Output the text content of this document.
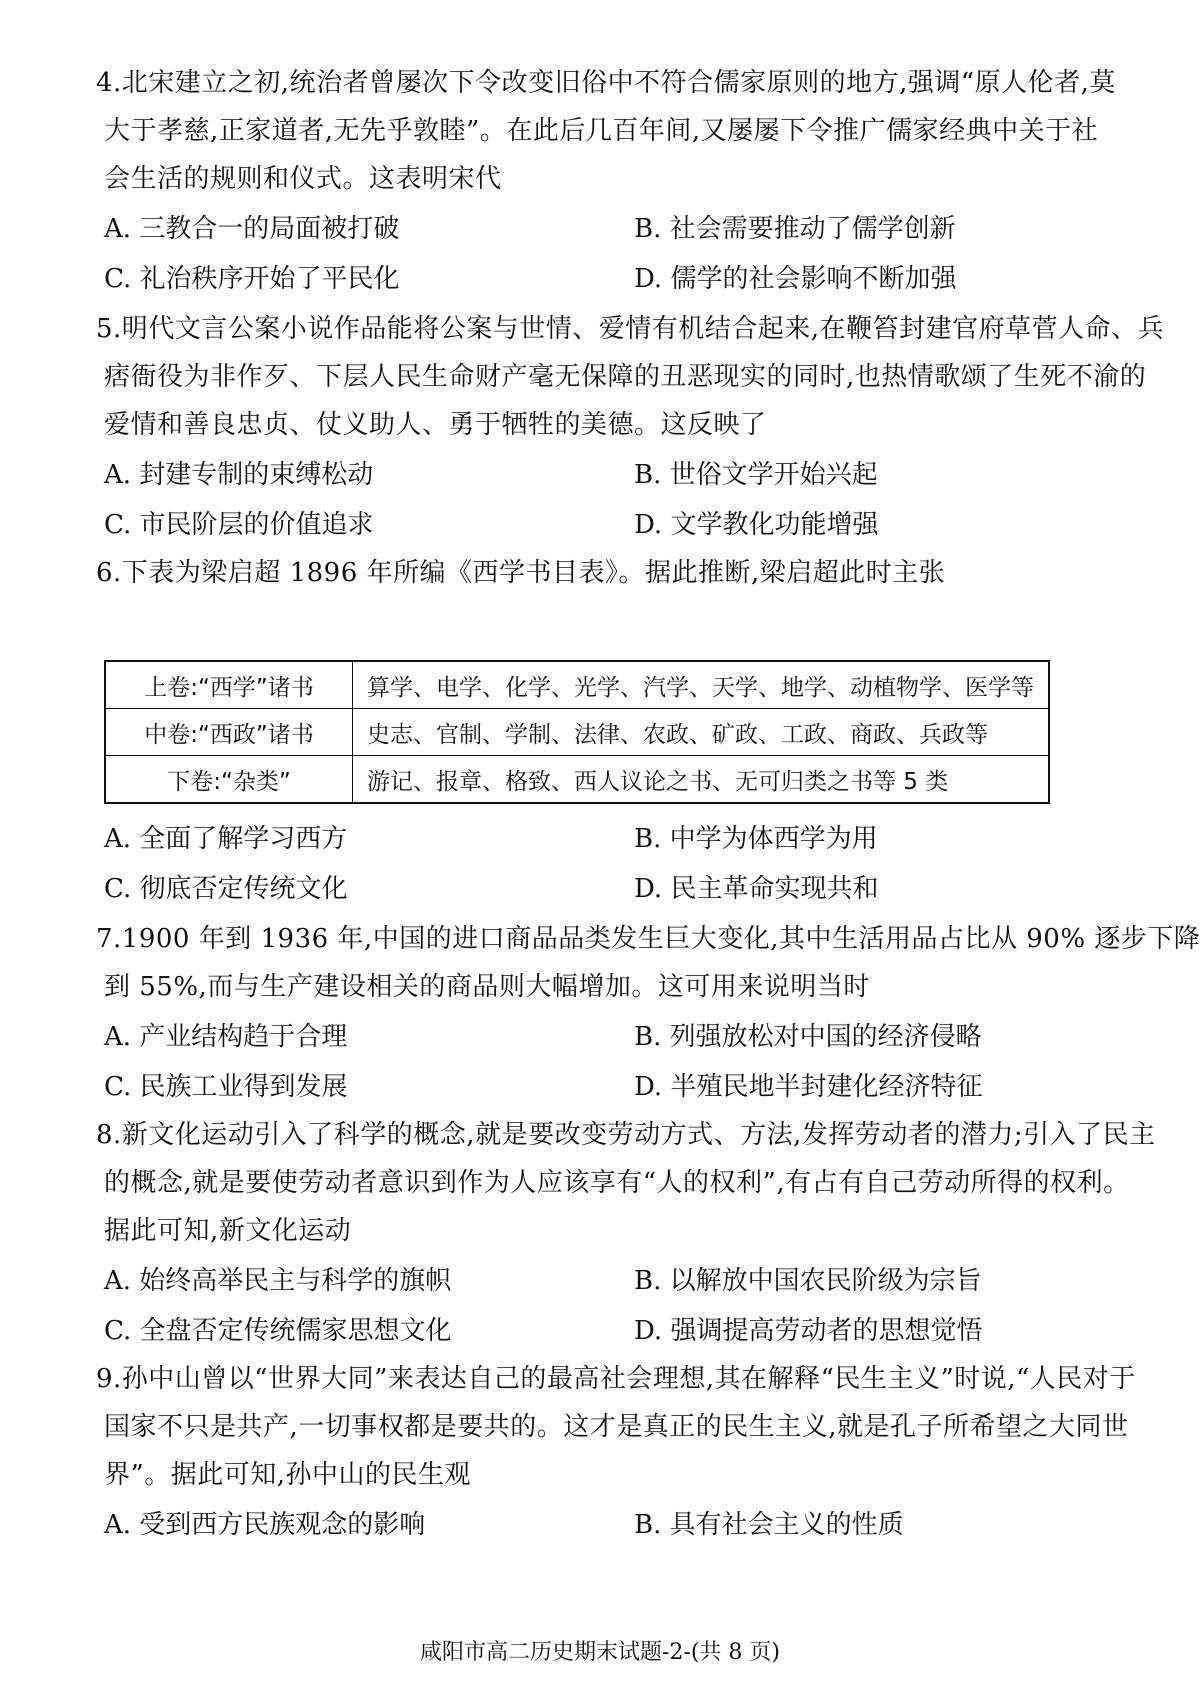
4.北宋建立之初,统治者曾屡次下令改变旧俗中不符合儒家原则的地方,强调“原人伦者,莫
大于孝慈,正家道者,无先乎敦睦”。在此后几百年间,又屡屡下令推广儒家经典中关于社
会生活的规则和仪式。这表明宋代
A. 三教合一的局面被打破	B. 社会需要推动了儒学创新
C. 礼治秩序开始了平民化	D. 儒学的社会影响不断加强
5.明代文言公案小说作品能将公案与世情、爱情有机结合起来,在鞭笞封建官府草菅人命、兵
痞衙役为非作歹、下层人民生命财产毫无保障的丑恶现实的同时,也热情歌颂了生死不渝的
爱情和善良忠贞、仗义助人、勇于牺牲的美德。这反映了
A. 封建专制的束缚松动	B. 世俗文学开始兴起
C. 市民阶层的价值追求	D. 文学教化功能增强
6.下表为梁启超 1896 年所编《西学书目表》。据此推断,梁启超此时主张
上卷:“西学”诸书	算学、电学、化学、光学、汽学、天学、地学、动植物学、医学等
中卷:“西政”诸书	史志、官制、学制、法律、农政、矿政、工政、商政、兵政等
下卷:“杂类”	游记、报章、格致、西人议论之书、无可归类之书等 5 类
A. 全面了解学习西方	B. 中学为体西学为用
C. 彻底否定传统文化	D. 民主革命实现共和
7.1900 年到 1936 年,中国的进口商品品类发生巨大变化,其中生活用品占比从 90% 逐步下降
到 55%,而与生产建设相关的商品则大幅增加。这可用来说明当时
A. 产业结构趋于合理	B. 列强放松对中国的经济侵略
C. 民族工业得到发展	D. 半殖民地半封建化经济特征
8.新文化运动引入了科学的概念,就是要改变劳动方式、方法,发挥劳动者的潜力;引入了民主
的概念,就是要使劳动者意识到作为人应该享有“人的权利”,有占有自己劳动所得的权利。
据此可知,新文化运动
A. 始终高举民主与科学的旗帜	B. 以解放中国农民阶级为宗旨
C. 全盘否定传统儒家思想文化	D. 强调提高劳动者的思想觉悟
9.孙中山曾以“世界大同”来表达自己的最高社会理想,其在解释“民生主义”时说,“人民对于
国家不只是共产,一切事权都是要共的。这才是真正的民生主义,就是孔子所希望之大同世
界”。据此可知,孙中山的民生观
A. 受到西方民族观念的影响	B. 具有社会主义的性质
咸阳市高二历史期末试题-2-(共 8 页)
